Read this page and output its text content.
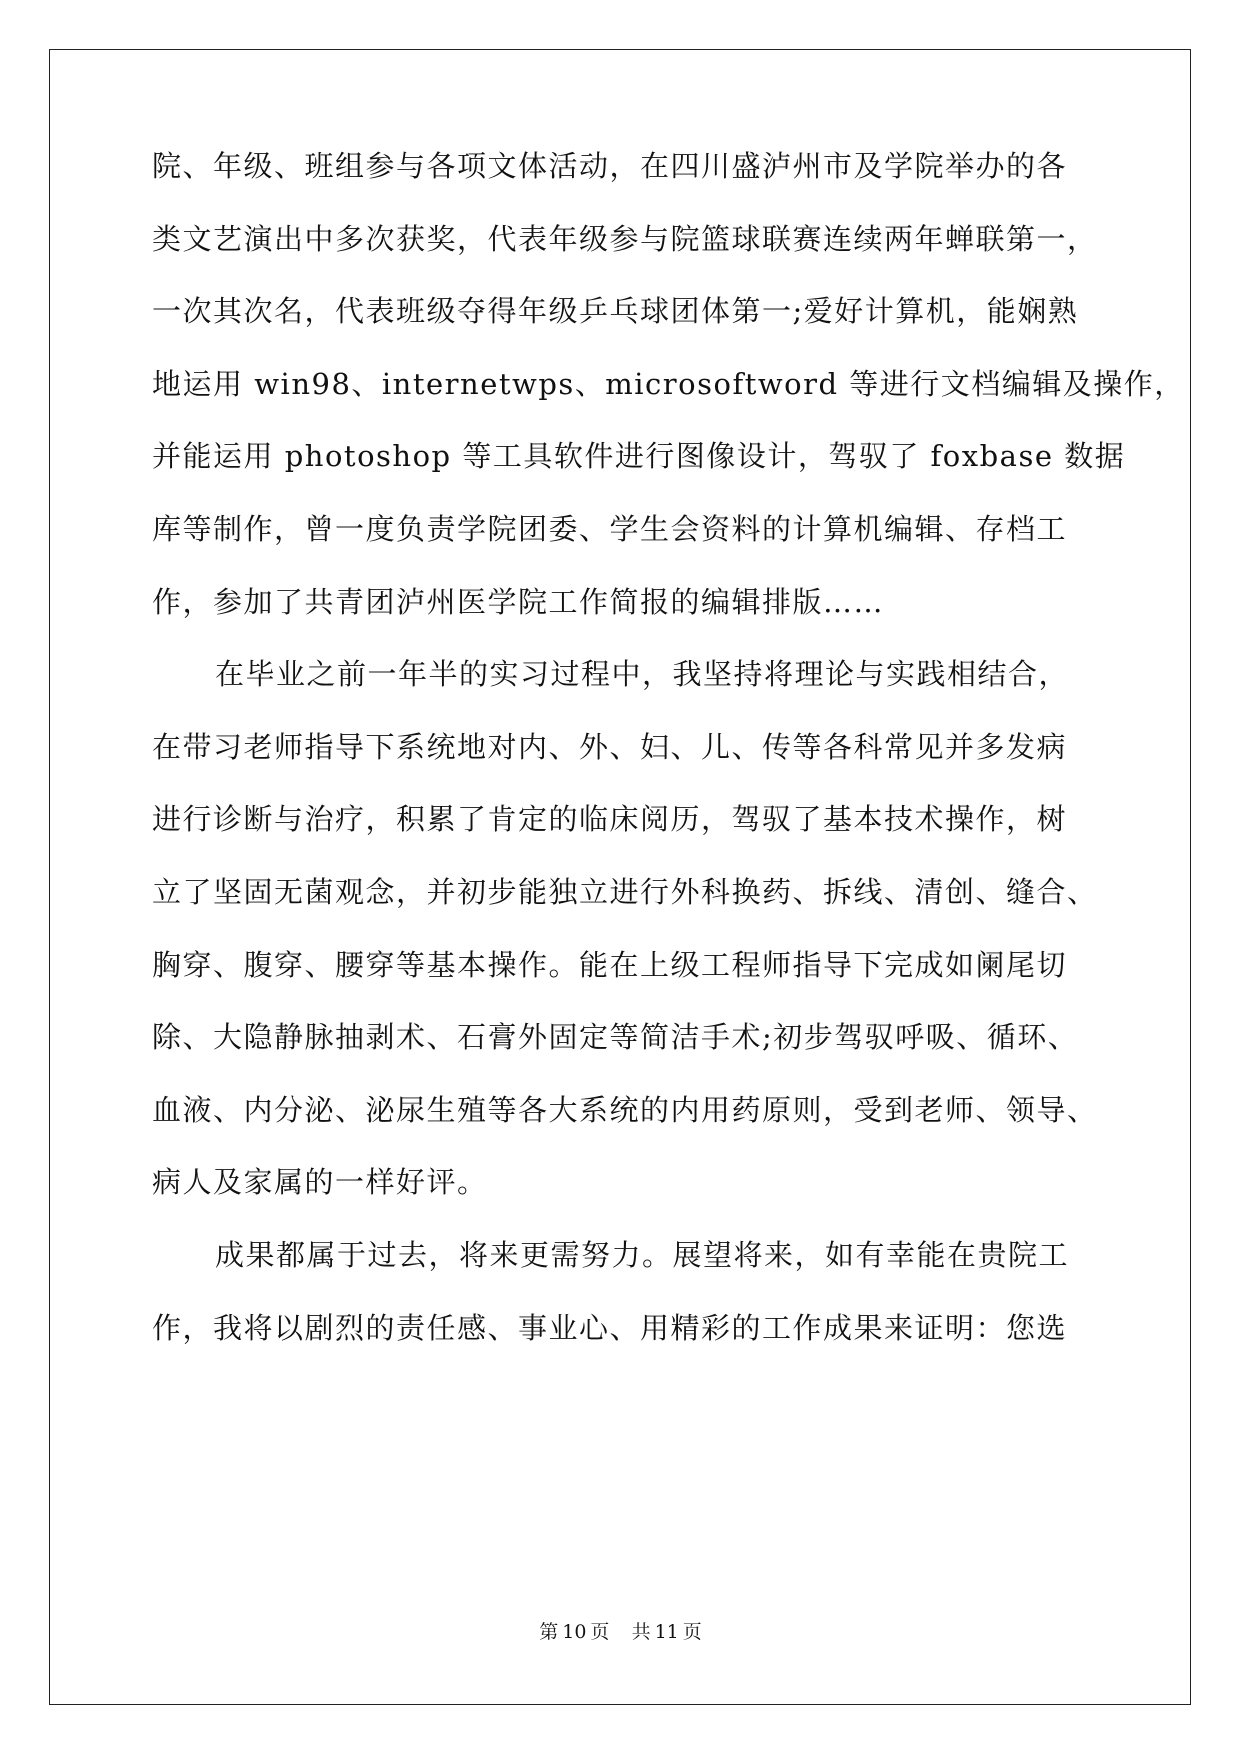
院、年级、班组参与各项文体活动，在四川盛泸州市及学院举办的各
类文艺演出中多次获奖，代表年级参与院篮球联赛连续两年蝉联第一，
一次其次名，代表班级夺得年级乒乓球团体第一;爱好计算机，能娴熟
地运用 win98、internetwps、microsoftword 等进行文档编辑及操作，
并能运用 photoshop 等工具软件进行图像设计，驾驭了 foxbase 数据
库等制作，曾一度负责学院团委、学生会资料的计算机编辑、存档工
作，参加了共青团泸州医学院工作简报的编辑排版……
在毕业之前一年半的实习过程中，我坚持将理论与实践相结合，
在带习老师指导下系统地对内、外、妇、儿、传等各科常见并多发病
进行诊断与治疗，积累了肯定的临床阅历，驾驭了基本技术操作，树
立了坚固无菌观念，并初步能独立进行外科换药、拆线、清创、缝合、
胸穿、腹穿、腰穿等基本操作。能在上级工程师指导下完成如阑尾切
除、大隐静脉抽剥术、石膏外固定等简洁手术;初步驾驭呼吸、循环、
血液、内分泌、泌尿生殖等各大系统的内用药原则，受到老师、领导、
病人及家属的一样好评。
成果都属于过去，将来更需努力。展望将来，如有幸能在贵院工
作，我将以剧烈的责任感、事业心、用精彩的工作成果来证明：您选
第 10 页 共 11 页
